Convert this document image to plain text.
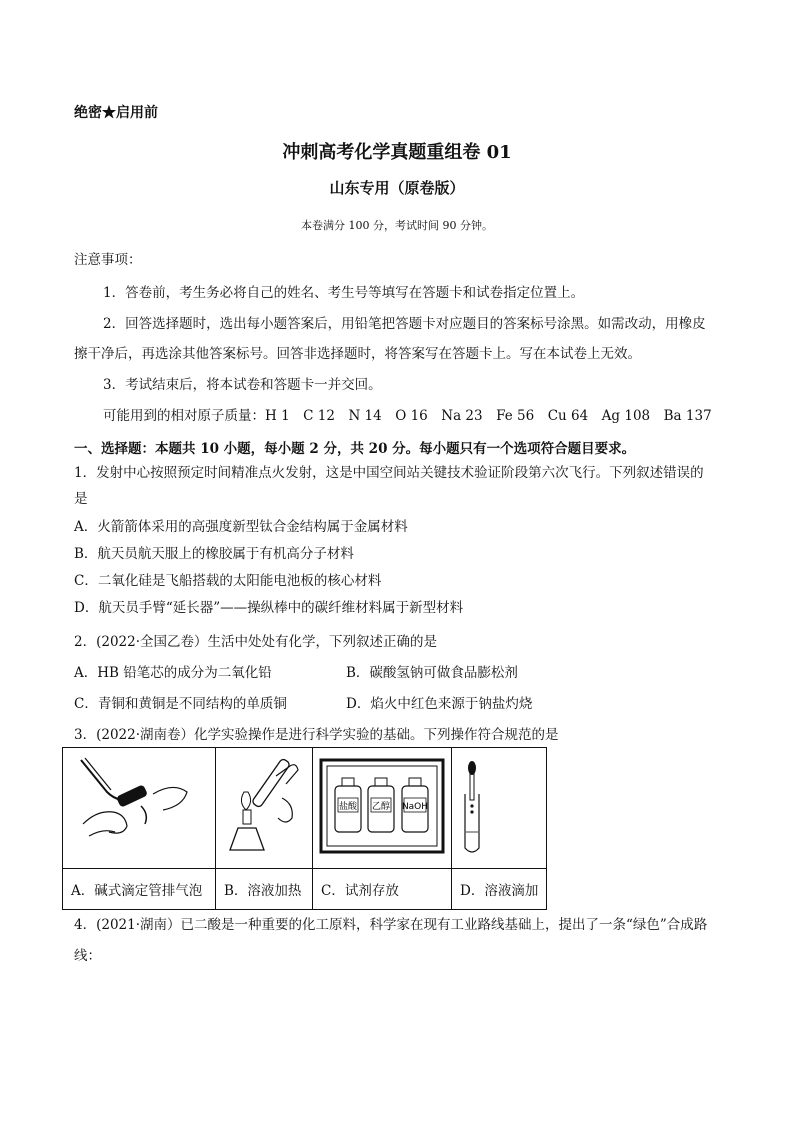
绝密★启用前
冲刺高考化学真题重组卷 01
山东专用（原卷版）
本卷满分 100 分，考试时间 90 分钟。
注意事项：
1．答卷前，考生务必将自己的姓名、考生号等填写在答题卡和试卷指定位置上。
2．回答选择题时，选出每小题答案后，用铅笔把答题卡对应题目的答案标号涂黑。如需改动，用橡皮
擦干净后，再选涂其他答案标号。回答非选择题时，将答案写在答题卡上。写在本试卷上无效。
3．考试结束后，将本试卷和答题卡一并交回。
可能用到的相对原子质量：H 1　C 12　N 14　O 16　Na 23　Fe 56　Cu 64　Ag 108　Ba 137
一、选择题：本题共 10 小题，每小题 2 分，共 20 分。每小题只有一个选项符合题目要求。
1．发射中心按照预定时间精准点火发射，这是中国空间站关键技术验证阶段第六次飞行。下列叙述错误的
是
A．火箭箭体采用的高强度新型钛合金结构属于金属材料
B．航天员航天服上的橡胶属于有机高分子材料
C．二氧化硅是飞船搭载的太阳能电池板的核心材料
D．航天员手臂“延长器”——操纵棒中的碳纤维材料属于新型材料
2．(2022·全国乙卷）生活中处处有化学，下列叙述正确的是
A．HB 铅笔芯的成分为二氧化铅	B．碳酸氢钠可做食品膨松剂
C．青铜和黄铜是不同结构的单质铜	D．焰火中红色来源于钠盐灼烧
3．(2022·湖南卷）化学实验操作是进行科学实验的基础。下列操作符合规范的是

盐酸 乙醇 NaOH

A．碱式滴定管排气泡	B．溶液加热	C．试剂存放	D．溶液滴加
4．(2021·湖南）已二酸是一种重要的化工原料，科学家在现有工业路线基础上，提出了一条“绿色”合成路
线：
